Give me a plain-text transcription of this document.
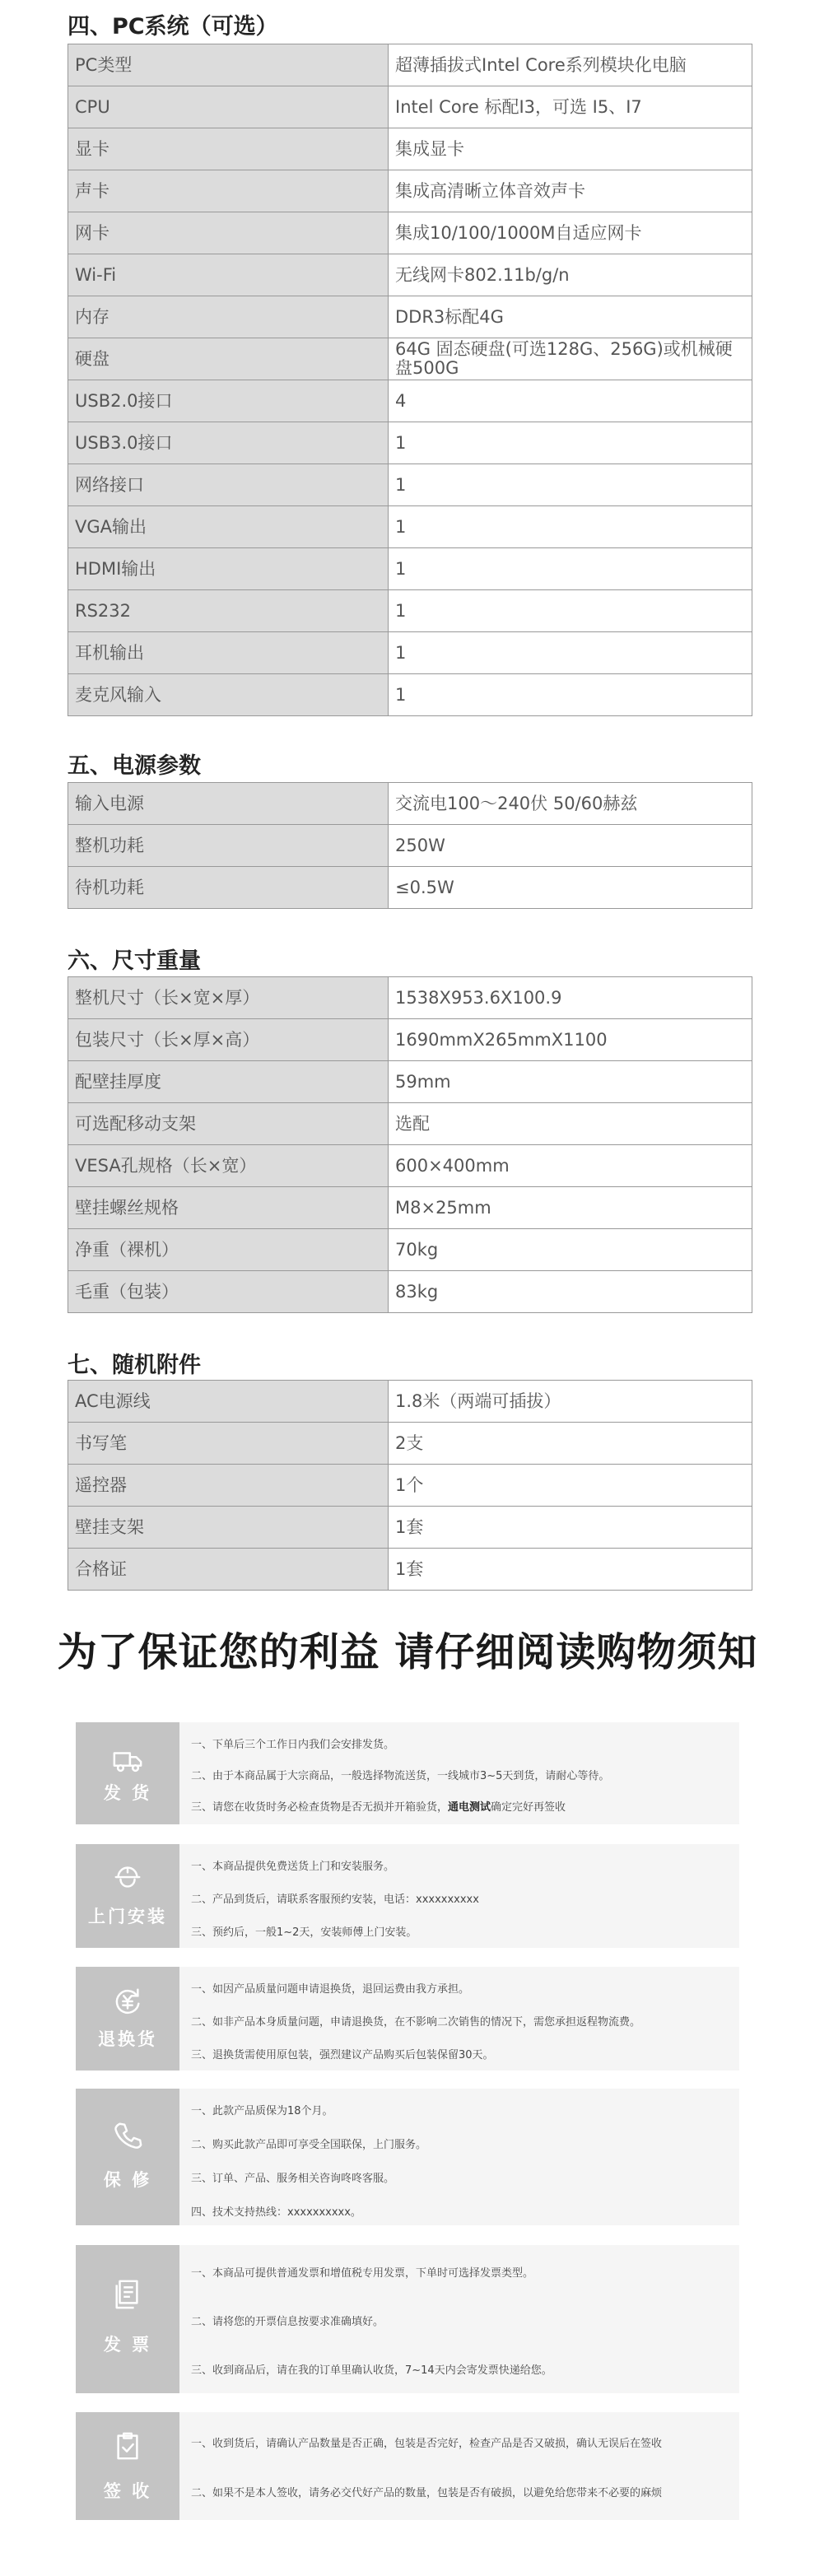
四、PC系统（可选）
PC类型	超薄插拔式Intel Core系列模块化电脑
CPU	Intel Core 标配I3，可选 I5、I7
显卡	集成显卡
声卡	集成高清晰立体音效声卡
网卡	集成10/100/1000M自适应网卡
Wi-Fi	无线网卡802.11b/g/n
内存	DDR3标配4G
硬盘	64G 固态硬盘(可选128G、256G)或机械硬盘500G
USB2.0接口	4
USB3.0接口	1
网络接口	1
VGA输出	1
HDMI输出	1
RS232	1
耳机输出	1
麦克风输入	1
五、电源参数
输入电源	交流电100～240伏 50/60赫兹
整机功耗	250W
待机功耗	≤0.5W
六、尺寸重量
整机尺寸（长×宽×厚）	1538X953.6X100.9
包装尺寸（长×厚×高）	1690mmX265mmX1100
配壁挂厚度	59mm
可选配移动支架	选配
VESA孔规格（长×宽）	600×400mm
壁挂螺丝规格	M8×25mm
净重（裸机）	70kg
毛重（包装）	83kg
七、随机附件
AC电源线	1.8米（两端可插拔）
书写笔	2支
遥控器	1个
壁挂支架	1套
合格证	1套
为了保证您的利益 请仔细阅读购物须知
发 货
一、下单后三个工作日内我们会安排发货。
二、由于本商品属于大宗商品，一般选择物流送货，一线城市3~5天到货，请耐心等待。
三、请您在收货时务必检查货物是否无损并开箱验货，通电测试确定完好再签收
上门安装
一、本商品提供免费送货上门和安装服务。
二、产品到货后，请联系客服预约安装，电话：xxxxxxxxxx
三、预约后，一般1~2天，安装师傅上门安装。
退换货
一、如因产品质量问题申请退换货，退回运费由我方承担。
二、如非产品本身质量问题，申请退换货，在不影响二次销售的情况下，需您承担返程物流费。
三、退换货需使用原包装，强烈建议产品购买后包装保留30天。
保 修
一、此款产品质保为18个月。
二、购买此款产品即可享受全国联保，上门服务。
三、订单、产品、服务相关咨询咚咚客服。
四、技术支持热线：xxxxxxxxxx。
发 票
一、本商品可提供普通发票和增值税专用发票，下单时可选择发票类型。
二、请将您的开票信息按要求准确填好。
三、收到商品后，请在我的订单里确认收货，7~14天内会寄发票快递给您。
签 收
一、收到货后，请确认产品数量是否正确，包装是否完好，检查产品是否又破损，确认无误后在签收
二、如果不是本人签收，请务必交代好产品的数量，包装是否有破损，以避免给您带来不必要的麻烦
